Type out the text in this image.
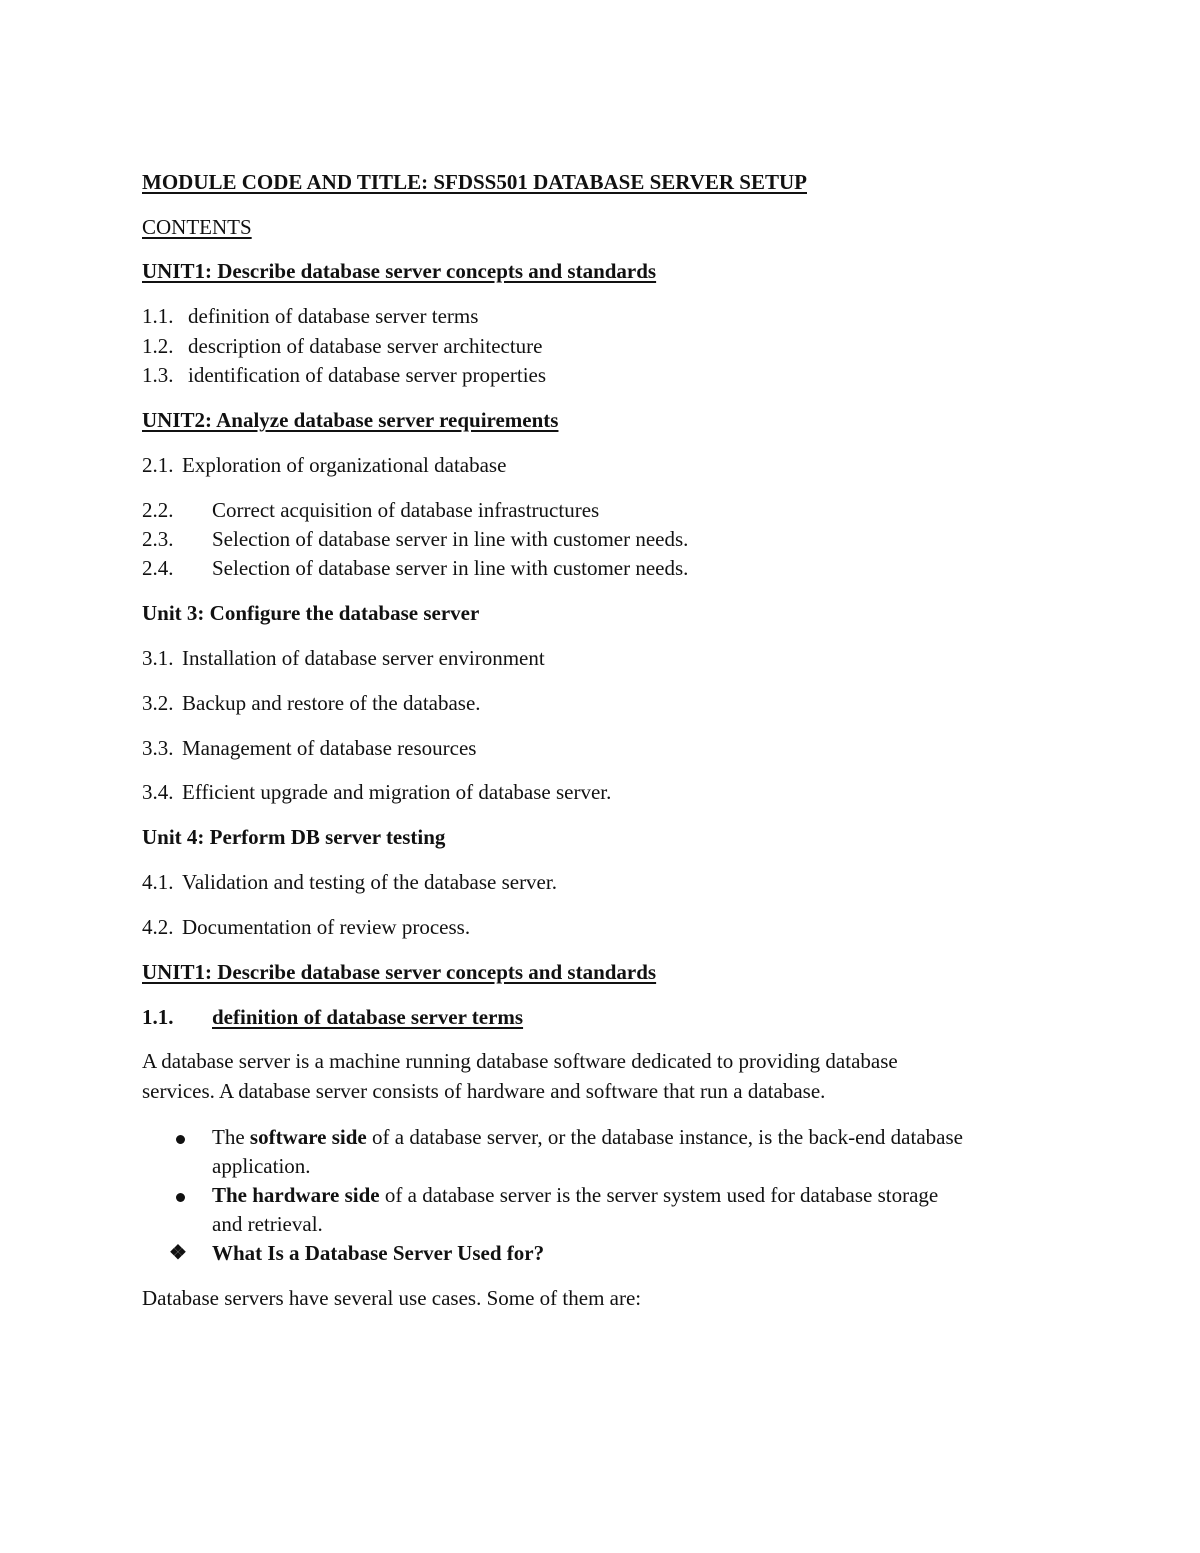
MODULE CODE AND TITLE: SFDSS501 DATABASE SERVER SETUP
CONTENTS
UNIT1: Describe database server concepts and standards
1.1. definition of database server terms
1.2. description of database server architecture
1.3. identification of database server properties
UNIT2: Analyze database server requirements
2.1. Exploration of organizational database
2.2. Correct acquisition of database infrastructures
2.3. Selection of database server in line with customer needs.
2.4. Selection of database server in line with customer needs.
Unit 3: Configure the database server
3.1. Installation of database server environment
3.2. Backup and restore of the database.
3.3. Management of database resources
3.4. Efficient upgrade and migration of database server.
Unit 4: Perform DB server testing
4.1. Validation and testing of the database server.
4.2. Documentation of review process.
UNIT1: Describe database server concepts and standards
1.1. definition of database server terms
A database server is a machine running database software dedicated to providing database
services. A database server consists of hardware and software that run a database.
The software side of a database server, or the database instance, is the back-end database
application.
The hardware side of a database server is the server system used for database storage
and retrieval.
❖	What Is a Database Server Used for?
Database servers have several use cases. Some of them are:
